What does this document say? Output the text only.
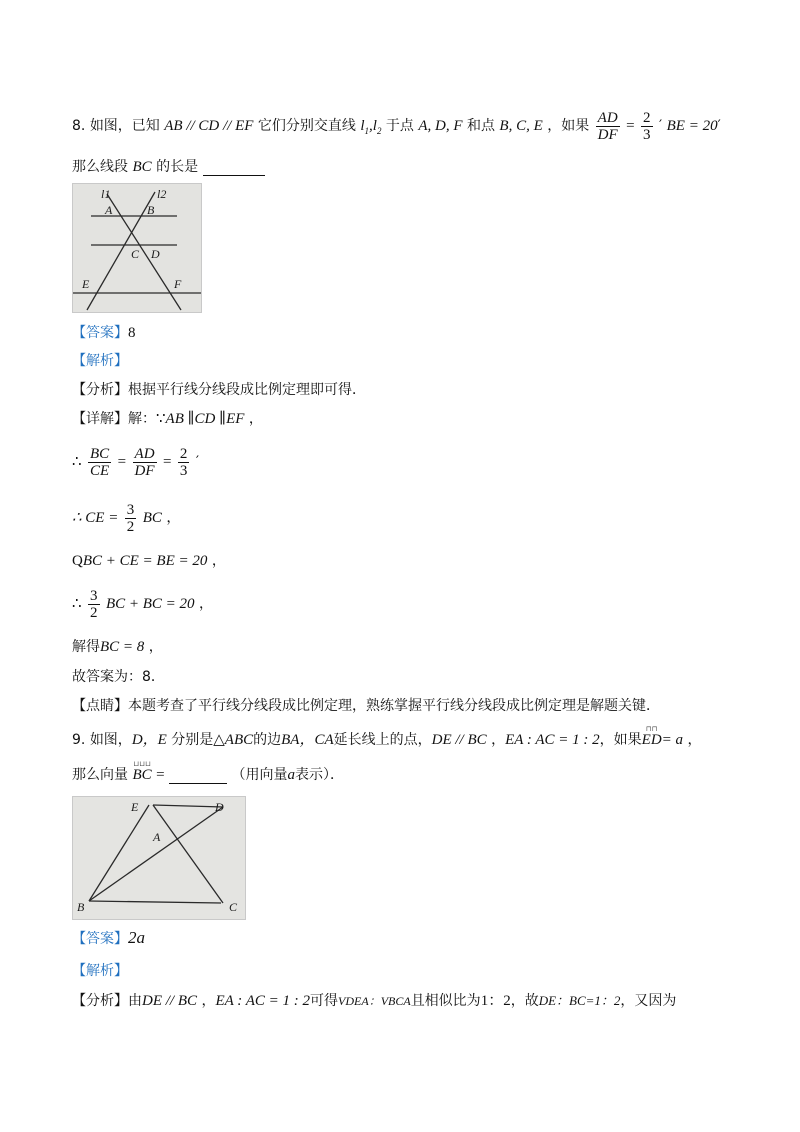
8. 如图，已知 AB // CD // EF 它们分别交直线 $l_1,l_2$ 于点 A, D, F 和点 B, C, E ，如果 $\frac{AD}{DF} = \frac{2}{3}$ ′ BE = 20′
那么线段 BC 的长是
l1	l2
A	B
C D
E	F
【答案】8
【解析】
【分析】根据平行线分线段成比例定理即可得．
【详解】解：∵AB ∥CD ∥EF ，
∴ $\frac{BC}{CE} = \frac{AD}{DF} = \frac{2}{3}$ ′
∴ CE = $\frac{3}{2}$ BC ，
QBC + CE = BE = 20 ，
∴ $\frac{3}{2}$ BC + BC = 20 ，
解得BC = 8 ，
故答案为：8．
【点睛】本题考查了平行线分线段成比例定理，熟练掌握平行线分线段成比例定理是解题关键．
9. 如图，D，E 分别是△ABC的边BA，CA延长线上的点，DE // BC ，EA : AC = 1 : 2，如果
⊓⊓
ED= a ，
那么向量
⊔⊔⊔
BC =	（用向量a表示）．
E	D
A
B	C
【答案】2a
【解析】
【分析】由DE // BC ，EA : AC = 1 : 2可得VDEA：VBCA且相似比为1：2，故DE：BC=1：2，又因为
